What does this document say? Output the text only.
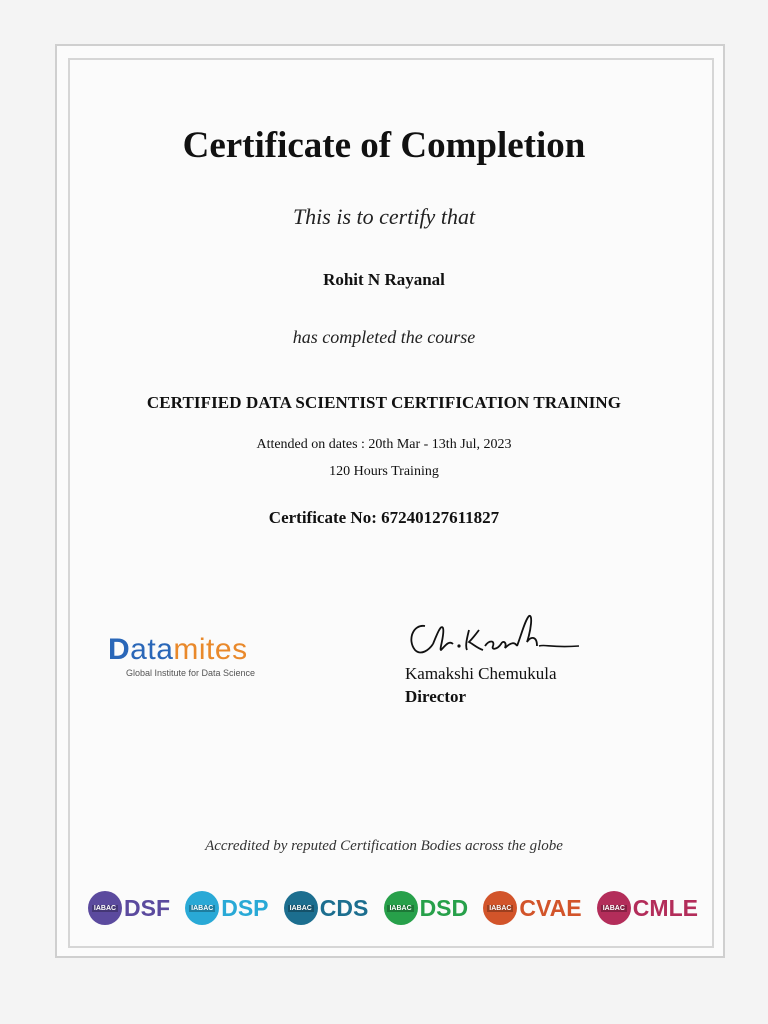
Certificate of Completion
This is to certify that
Rohit N Rayanal
has completed the course
CERTIFIED DATA SCIENTIST CERTIFICATION TRAINING
Attended on dates : 20th Mar - 13th Jul, 2023
120 Hours Training
Certificate No: 67240127611827
Datamites
Global Institute for Data Science	Kamakshi Chemukula
Director
Accredited by reputed Certification Bodies across the globe
IABAC DSF	IABAC DSP	IABAC CDS	IABAC DSD	IABAC CVAE	IABAC CMLE
